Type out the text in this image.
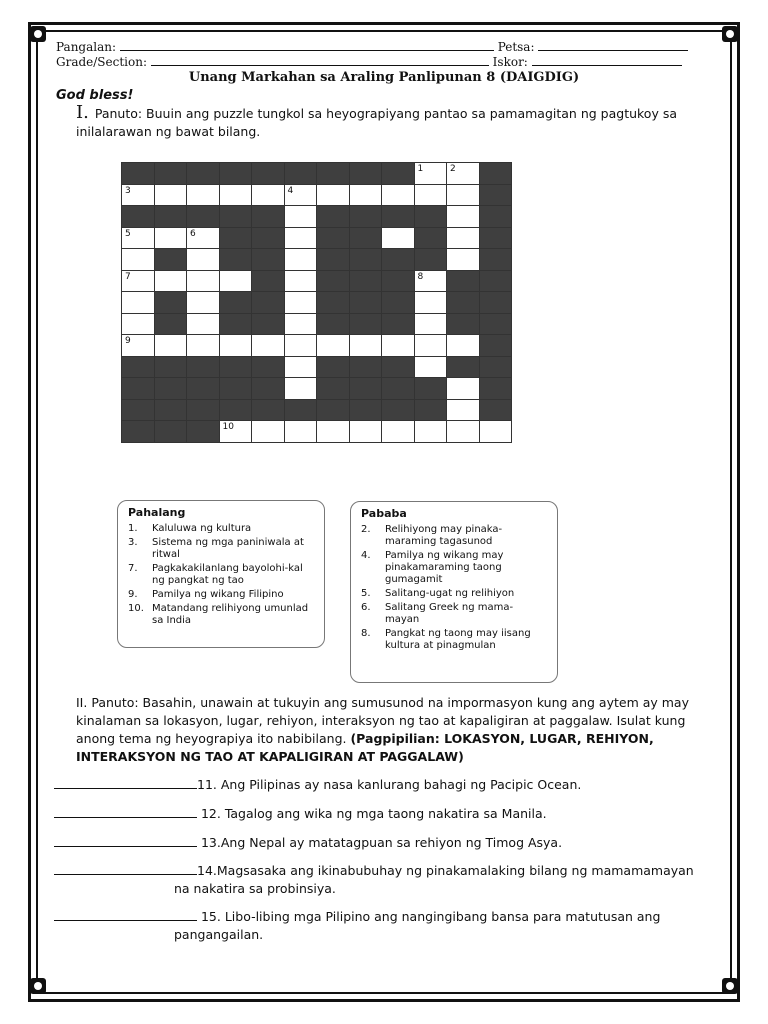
Pangalan:	Petsa:
Grade/Section:	Iskor:
Unang Markahan sa Araling Panlipunan 8 (DAIGDIG)
God bless!
I. Panuto: Buuin ang puzzle tungkol sa heyograpiyang pantao sa pamamagitan ng pagtukoy sa inilalarawan ng bawat bilang.

									1	2	

3					4						

5		6									

7									8		

9											

			10								

Pahalang
1.	Kaluluwa ng kultura
3.	Sistema ng mga paniniwala at ritwal
7.	Pagkakakilanlang bayolohi-kal ng pangkat ng tao
9.	Pamilya ng wikang Filipino
10. Matandang relihiyong umunlad sa India
Pababa
2.	Relihiyong may pinaka-maraming tagasunod
4.	Pamilya ng wikang may pinakamaraming taong gumagamit
5.	Salitang-ugat ng relihiyon
6.	Salitang Greek ng mama-mayan
8.	Pangkat ng taong may iisang kultura at pinagmulan
II. Panuto: Basahin, unawain at tukuyin ang sumusunod na impormasyon kung ang aytem ay may kinalaman sa lokasyon, lugar, rehiyon, interaksyon ng tao at kapaligiran at paggalaw. Isulat kung anong tema ng heyograpiya ito nabibilang. (Pagpipilian: LOKASYON, LUGAR, REHIYON, INTERAKSYON NG TAO AT KAPALIGIRAN AT PAGGALAW)
11. Ang Pilipinas ay nasa kanlurang bahagi ng Pacipic Ocean.
12. Tagalog ang wika ng mga taong nakatira sa Manila.
13.Ang Nepal ay matatagpuan sa rehiyon ng Timog Asya.
14.Magsasaka ang ikinabubuhay ng pinakamalaking bilang ng mamamamayan
na nakatira sa probinsiya.
15. Libo-libing mga Pilipino ang nangingibang bansa para matutusan ang
pangangailan.
